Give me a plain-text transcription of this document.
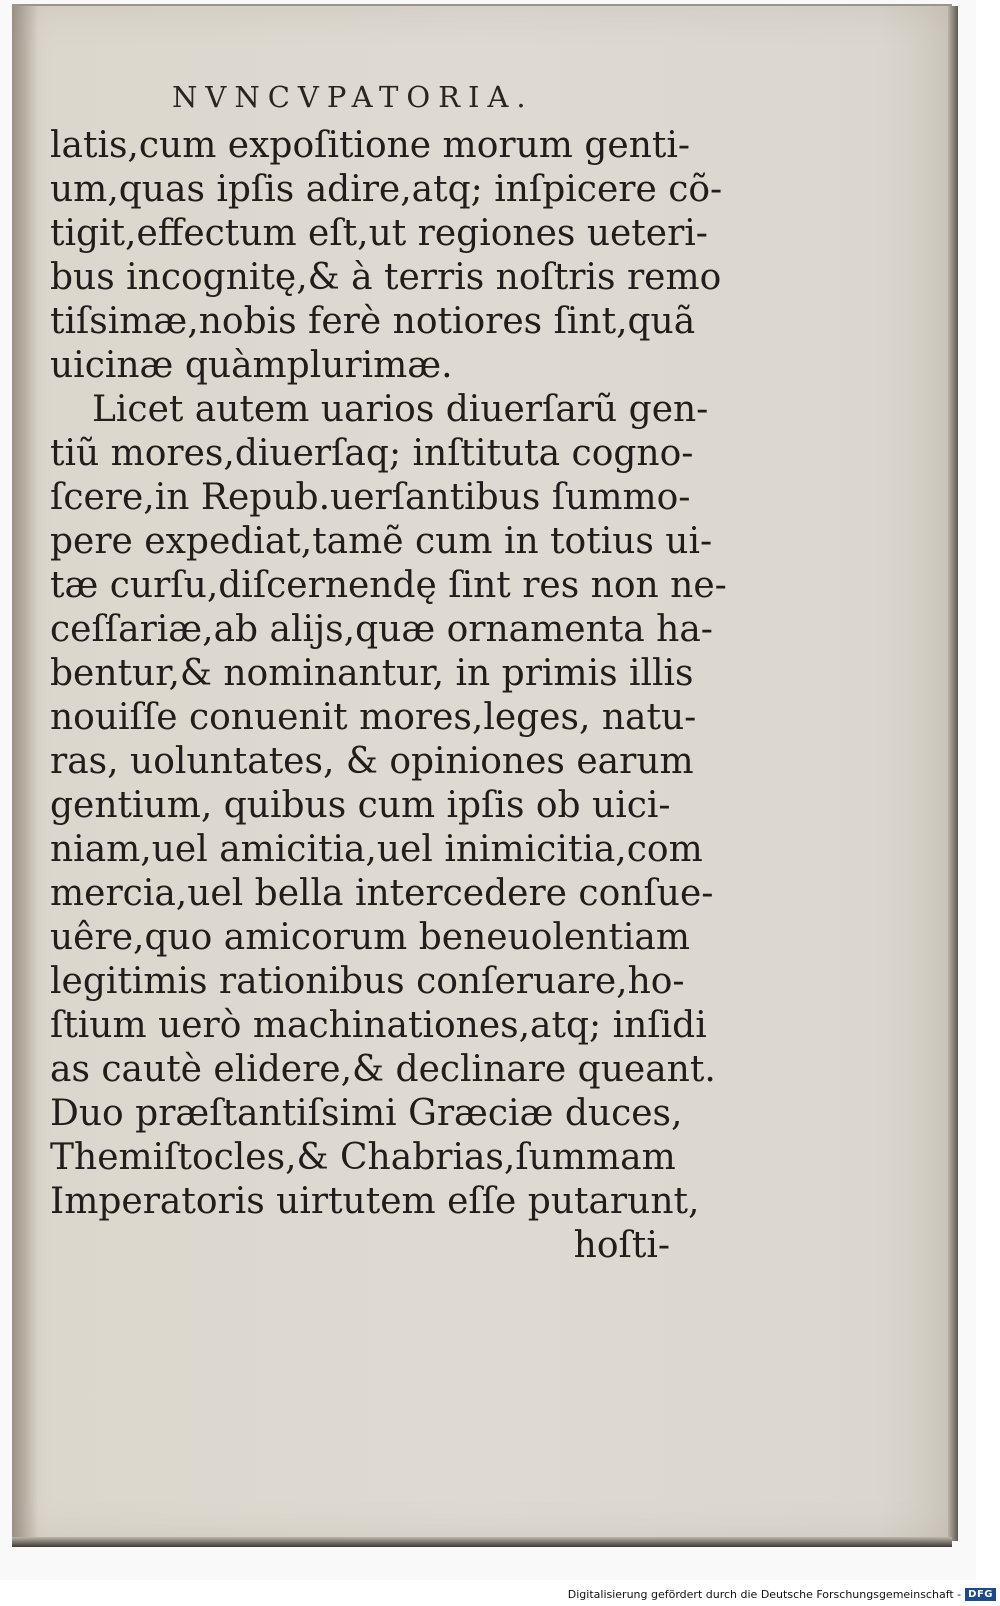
NVNCVPATORIA.
latis,cum expoſitione morum genti-
um,quas ipſis adire,atq; inſpicere cõ-
tigit,effectum eſt,ut regiones ueteri-
bus incognitę,& à terris noſtris remo
tiſsimæ,nobis ferè notiores ſint,quã
uicinæ quàmplurimæ.
Licet autem uarios diuerſarũ gen-
tiũ mores,diuerſaq; inſtituta cogno-
ſcere,in Repub.uerſantibus ſummo-
pere expediat,tamẽ cum in totius ui-
tæ curſu,diſcernendę ſint res non ne-
ceſſariæ,ab alijs,quæ ornamenta ha-
bentur,& nominantur, in primis illis
nouiſſe conuenit mores,leges, natu-
ras, uoluntates, & opiniones earum
gentium, quibus cum ipſis ob uici-
niam,uel amicitia,uel inimicitia,com
mercia,uel bella intercedere conſue-
uêre,quo amicorum beneuolentiam
legitimis rationibus conſeruare,ho-
ſtium uerò machinationes,atq; inſidi
as cautè elidere,& declinare queant.
Duo præſtantiſsimi Græciæ duces,
Themiſtocles,& Chabrias,ſummam
Imperatoris uirtutem eſſe putarunt,
hoſti-
Digitalisierung gefördert durch die Deutsche Forschungsgemeinschaft - DFG
